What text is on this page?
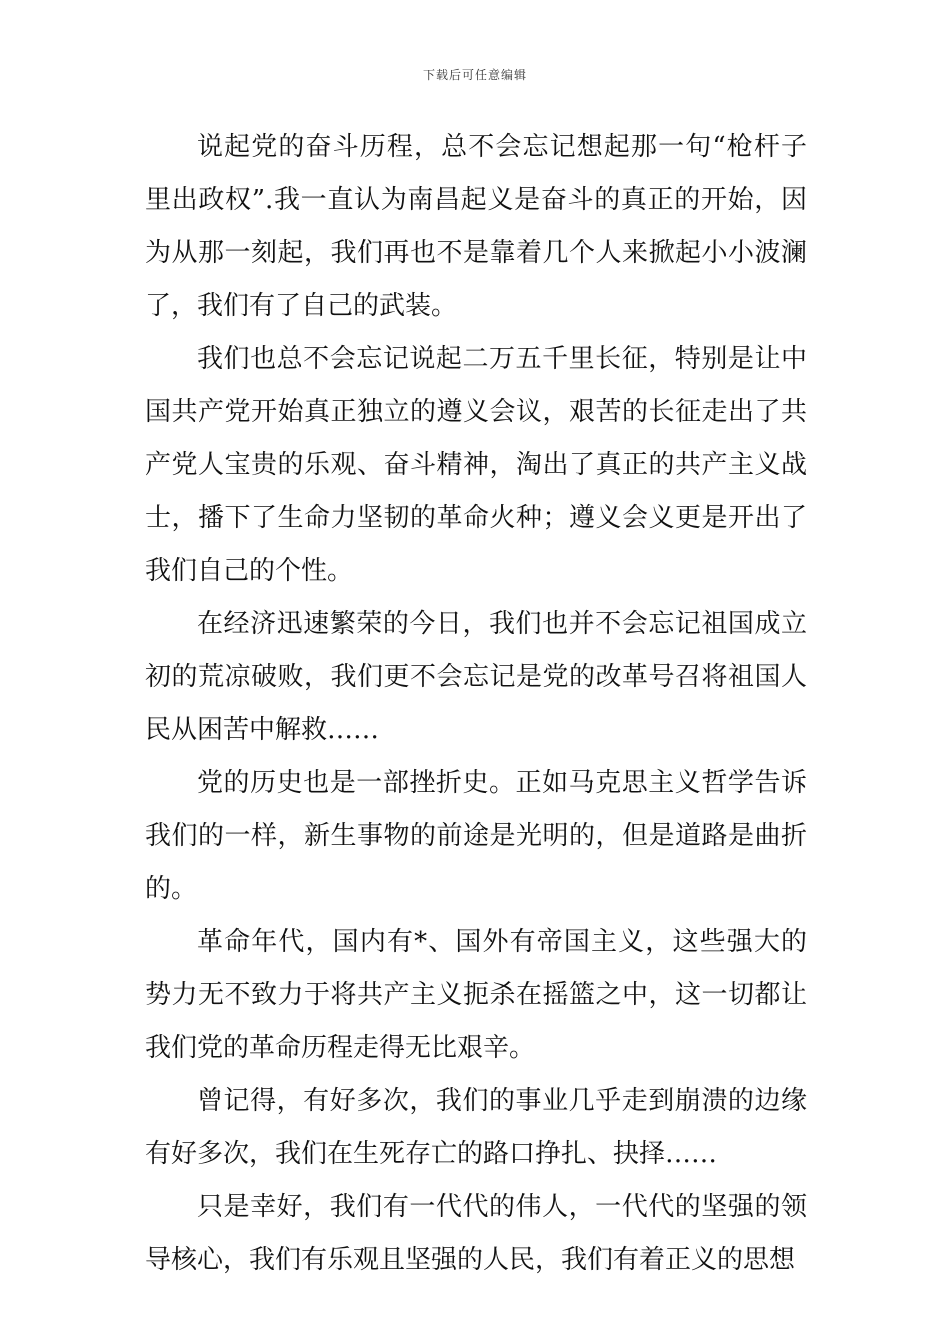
下载后可任意编辑

说起党的奋斗历程，总不会忘记想起那一句“枪杆子里出政权”.我一直认为南昌起义是奋斗的真正的开始，因为从那一刻起，我们再也不是靠着几个人来掀起小小波澜了，我们有了自己的武装。

我们也总不会忘记说起二万五千里长征，特别是让中国共产党开始真正独立的遵义会议，艰苦的长征走出了共产党人宝贵的乐观、奋斗精神，淘出了真正的共产主义战士，播下了生命力坚韧的革命火种；遵义会义更是开出了我们自己的个性。

在经济迅速繁荣的今日，我们也并不会忘记祖国成立初的荒凉破败，我们更不会忘记是党的改革号召将祖国人民从困苦中解救……

党的历史也是一部挫折史。正如马克思主义哲学告诉我们的一样，新生事物的前途是光明的，但是道路是曲折的。

革命年代，国内有*、国外有帝国主义，这些强大的势力无不致力于将共产主义扼杀在摇篮之中，这一切都让我们党的革命历程走得无比艰辛。

曾记得，有好多次，我们的事业几乎走到崩溃的边缘有好多次，我们在生死存亡的路口挣扎、抉择……

只是幸好，我们有一代代的伟人，一代代的坚强的领导核心，我们有乐观且坚强的人民，我们有着正义的思想
